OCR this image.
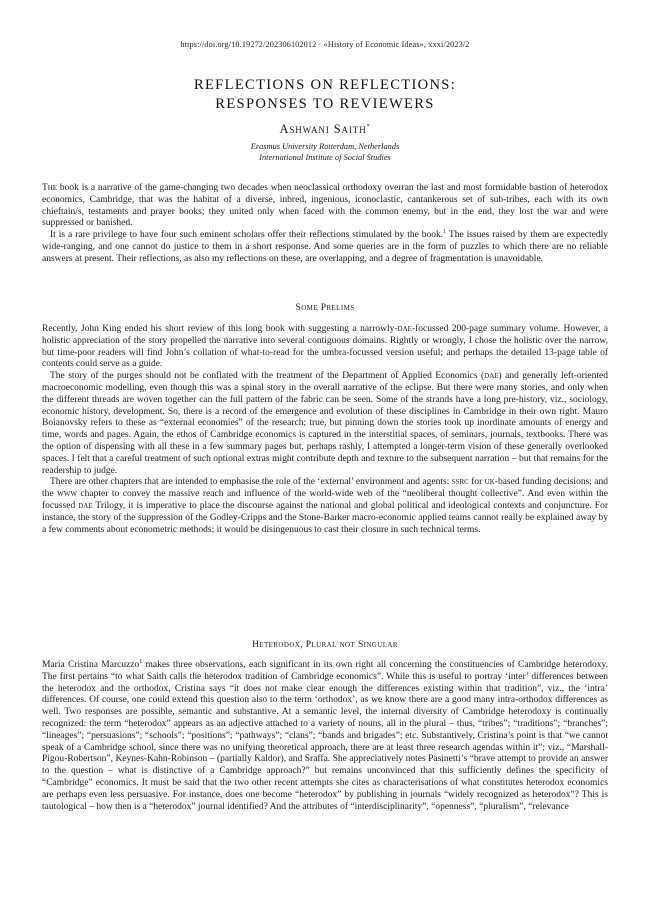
https://doi.org/10.19272/202306102012 · «History of Economic Ideas», xxxi/2023/2
REFLECTIONS ON REFLECTIONS:
RESPONSES TO REVIEWERS
Ashwani Saith*
Erasmus University Rotterdam, Netherlands
International Institute of Social Studies

The book is a narrative of the game-changing two decades when neoclassical orthodoxy overran the last and most formidable bastion of heterodox economics, Cambridge, that was the habitat of a diverse, inbred, ingenious, iconoclastic, cantankerous set of sub-tribes, each with its own chieftain/s, testaments and prayer books; they united only when faced with the common enemy, but in the end, they lost the war and were suppressed or banished.

It is a rare privilege to have four such eminent scholars offer their reflections stimulated by the book.$^1$ The issues raised by them are expectedly wide-ranging, and one cannot do justice to them in a short response. And some queries are in the form of puzzles to which there are no reliable answers at present. Their reflections, as also my reflections on these, are overlapping, and a degree of fragmentation is unavoidable.

Some Prelims

Recently, John King ended his short review of this long book with suggesting a narrowly-dae-focussed 200-page summary volume. However, a holistic appreciation of the story propelled the narrative into several contiguous domains. Rightly or wrongly, I chose the holistic over the narrow, but time-poor readers will find John’s collation of what-to-read for the umbra-focussed version useful; and perhaps the detailed 13-page table of contents could serve as a guide.

The story of the purges should not be conflated with the treatment of the Department of Applied Economics (dae) and generally left-oriented macroeconomic modelling, even though this was a spinal story in the overall narrative of the eclipse. But there were many stories, and only when the different threads are woven together can the full pattern of the fabric can be seen. Some of the strands have a long pre-history, viz., sociology, economic history, development. So, there is a record of the emergence and evolution of these disciplines in Cambridge in their own right. Mauro Boianovsky refers to these as “external economies” of the research; true, but pinning down the stories took up inordinate amounts of energy and time, words and pages. Again, the ethos of Cambridge economics is captured in the interstitial spaces, of seminars, journals, textbooks. There was the option of dispensing with all these in a few summary pages but, perhaps rashly, I attempted a longer-term vision of these generally overlooked spaces. I felt that a careful treatment of such optional extras might contribute depth and texture to the subsequent narration – but that remains for the readership to judge.

There are other chapters that are intended to emphasise the role of the ‘external’ environment and agents: ssrc for uk-based funding decisions; and the www chapter to convey the massive reach and influence of the world-wide web of the “neoliberal thought collective”. And even within the focussed dae Trilogy, it is imperative to place the discourse against the national and global political and ideological contexts and conjuncture. For instance, the story of the suppression of the Godley-Cripps and the Stone-Barker macro-economic applied teams cannot really be explained away by a few comments about econometric methods; it would be disingenuous to cast their closure in such technical terms.

Heterodox, Plural not Singular

Maria Cristina Marcuzzo$^1$ makes three observations, each significant in its own right all concerning the constituencies of Cambridge heterodoxy. The first pertains “to what Saith calls the heterodox tradition of Cambridge economics”. While this is useful to portray ‘inter’ differences between the heterodox and the orthodox, Cristina says “it does not make clear enough the differences existing within that tradition”, viz., the ‘intra’ differences. Of course, one could extend this question also to the term ‘orthodox’, as we know there are a good many intra-orthodox differences as well. Two responses are possible, semantic and substantive. At a semantic level, the internal diversity of Cambridge heterodoxy is continually recognized: the term “heterodox” appears as an adjective attached to a variety of nouns, all in the plural – thus, “tribes”; “traditions”; “branches”; “lineages”; “persuasions”; “schools”; “positions”; “pathways”; “clans”; “bands and brigades”; etc. Substantively, Cristina’s point is that “we cannot speak of a Cambridge school, since there was no unifying theoretical approach, there are at least three research agendas within it”; viz., “Marshall-Pigou-Robertson”, Keynes-Kahn-Robinson – (partially Kaldor), and Sraffa. She appreciatively notes Pasinetti’s “brave attempt to provide an answer to the question – what is distinctive of a Cambridge approach?” but remains unconvinced that this sufficiently defines the specificity of “Cambridge” economics. It must be said that the two other recent attempts she cites as characterisations of what constitutes heterodox economics are perhaps even less persuasive. For instance, does one become “heterodox” by publishing in journals “widely recognized as heterodox”? This is tautological – how then is a “heterodox” journal identified? And the attributes of “interdisciplinarity”, “openness”, “pluralism”, “relevance
